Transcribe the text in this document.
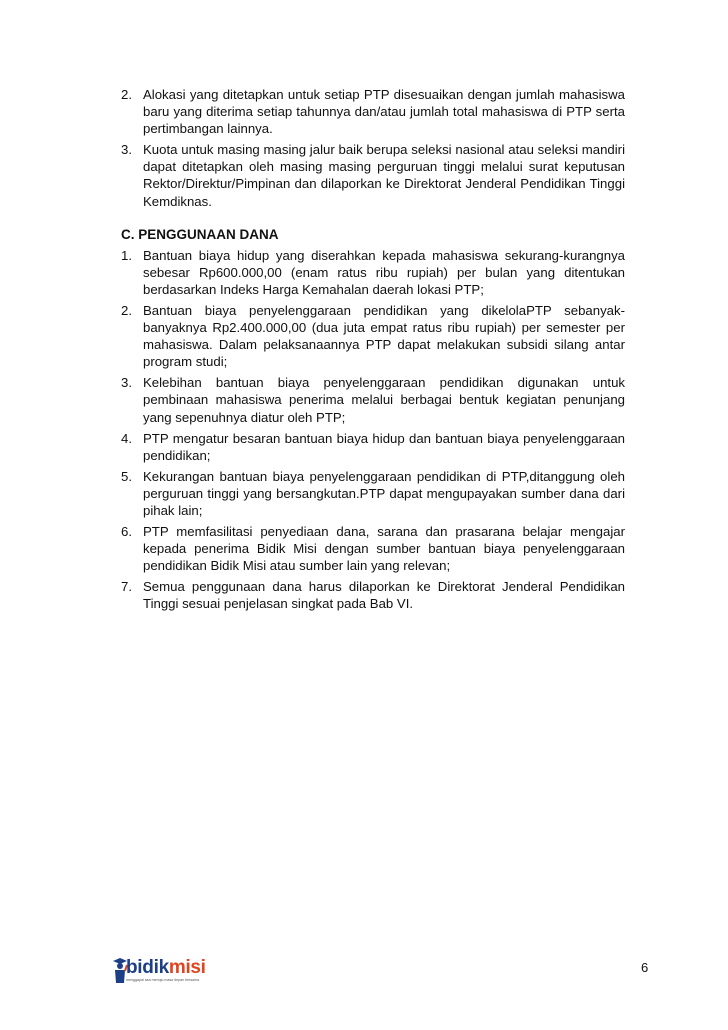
2. Alokasi yang ditetapkan untuk setiap PTP disesuaikan dengan jumlah mahasiswa baru yang diterima setiap tahunnya dan/atau jumlah total mahasiswa di PTP serta pertimbangan lainnya.
3. Kuota untuk masing masing jalur baik berupa seleksi nasional atau seleksi mandiri dapat ditetapkan oleh masing masing perguruan tinggi melalui surat keputusan Rektor/Direktur/Pimpinan dan dilaporkan ke Direktorat Jenderal Pendidikan Tinggi Kemdiknas.
C. PENGGUNAAN DANA
1. Bantuan biaya hidup yang diserahkan kepada mahasiswa sekurang-kurangnya sebesar Rp600.000,00 (enam ratus ribu rupiah) per bulan yang ditentukan berdasarkan Indeks Harga Kemahalan daerah lokasi PTP;
2. Bantuan biaya penyelenggaraan pendidikan yang dikelolaPTP sebanyak-banyaknya Rp2.400.000,00 (dua juta empat ratus ribu rupiah) per semester per mahasiswa. Dalam pelaksanaannya PTP dapat melakukan subsidi silang antar program studi;
3. Kelebihan bantuan biaya penyelenggaraan pendidikan digunakan untuk pembinaan mahasiswa penerima melalui berbagai bentuk kegiatan penunjang yang sepenuhnya diatur oleh PTP;
4. PTP mengatur besaran bantuan biaya hidup dan bantuan biaya penyelenggaraan pendidikan;
5. Kekurangan bantuan biaya penyelenggaraan pendidikan di PTP,ditanggung oleh perguruan tinggi yang bersangkutan.PTP dapat mengupayakan sumber dana dari pihak lain;
6. PTP memfasilitasi penyediaan dana, sarana dan prasarana belajar mengajar kepada penerima Bidik Misi dengan sumber bantuan biaya penyelenggaraan pendidikan Bidik Misi atau sumber lain yang relevan;
7. Semua penggunaan dana harus dilaporkan ke Direktorat Jenderal Pendidikan Tinggi sesuai penjelasan singkat pada Bab VI.
bidikmisi
menggapai asa menuju masa depan bersama
6
